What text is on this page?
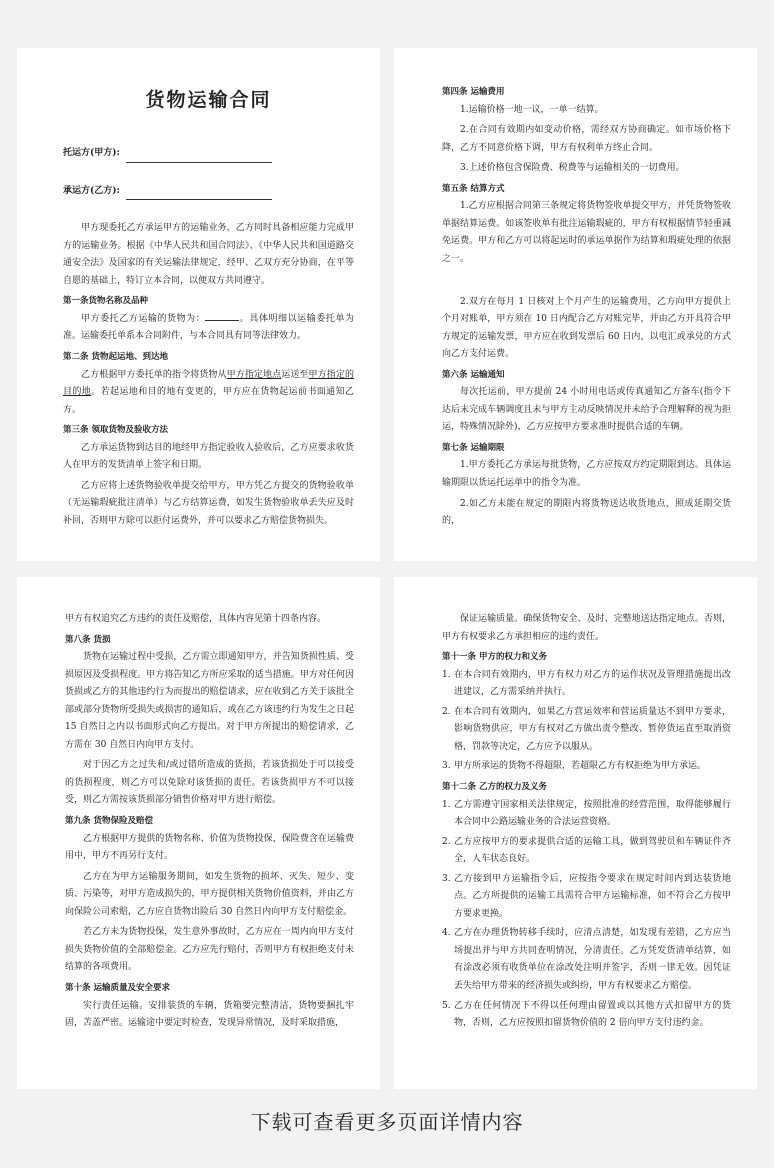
货物运输合同
托运方(甲方):
承运方(乙方):

甲方现委托乙方承运甲方的运输业务，乙方同时具备相应能力完成甲方的运输业务。根据《中华人民共和国合同法》、《中华人民共和国道路交通安全法》及国家的有关运输法律规定，经甲、乙双方充分协商，在平等自愿的基础上，特订立本合同，以便双方共同遵守。

第一条货物名称及品种

甲方委托乙方运输的货物为：	。具体明细以运输委托单为准。运输委托单系本合同附件，与本合同具有同等法律效力。

第二条 货物起运地、到达地

乙方根据甲方委托单的指令将货物从甲方指定地点运送至甲方指定的目的地。若起运地和目的地有变更的，甲方应在货物起运前书面通知乙方。

第三条 领取货物及验收方法

乙方承运货物到达目的地经甲方指定验收人验收后，乙方应要求收货人在甲方的发货清单上签字和日期。

乙方应将上述货物验收单提交给甲方，甲方凭乙方提交的货物验收单（无运输瑕疵批注清单）与乙方结算运费，如发生货物验收单丢失应及时补回，否则甲方除可以拒付运费外，并可以要求乙方赔偿货物损失。

第四条 运输费用

1.运输价格一地一议，一单一结算。

2.在合同有效期内如变动价格，需经双方协商确定。如市场价格下降，乙方不同意价格下调，甲方有权利单方终止合同。

3.上述价格包含保险费、税费等与运输相关的一切费用。

第五条 结算方式

1.乙方应根据合同第三条规定将货物签收单提交甲方，并凭货物签收单据结算运费。如该签收单有批注运输瑕疵的，甲方有权根据情节轻重减免运费。甲方和乙方可以将起运时的承运单据作为结算和瑕疵处理的依据之一。

2.双方在每月 1 日核对上个月产生的运输费用，乙方向甲方提供上个月对账单，甲方须在 10 日内配合乙方对账完毕，并由乙方开具符合甲方规定的运输发票，甲方应在收到发票后 60 日内，以电汇或承兑的方式向乙方支付运费。

第六条 运输通知

每次托运前，甲方提前 24 小时用电话或传真通知乙方备车(指令下达后未完成车辆调度且未与甲方主动反映情况并未给予合理解释的视为拒运，特殊情况除外)，乙方应按甲方要求准时提供合适的车辆。

第七条 运输期限

1.甲方委托乙方承运每批货物，乙方应按双方约定期限到达。具体运输期限以货运托运单中的指令为准。

2.如乙方未能在规定的期限内将货物送达收货地点，照成延期交货的，

甲方有权追究乙方违约的责任及赔偿，具体内容见第十四条内容。

第八条 货损

货物在运输过程中受损，乙方需立即通知甲方，并告知货损性质、受损原因及受损程度。甲方将告知乙方所应采取的适当措施。甲方对任何因货损或乙方的其他违约行为而提出的赔偿请求，应在收到乙方关于该批全部或部分货物所受损失或损害的通知后，或在乙方该违约行为发生之日起 15 自然日之内以书面形式向乙方提出。对于甲方所提出的赔偿请求，乙方需在 30 自然日内向甲方支付。

对于因乙方之过失和/或过错所造成的货损，若该货损处于可以接受的货损程度，则乙方可以免除对该货损的责任。若该货损甲方不可以接受，则乙方需按该货损部分销售价格对甲方进行赔偿。

第九条 货物保险及赔偿

乙方根据甲方提供的货物名称、价值为货物投保，保险费含在运输费用中，甲方不再另行支付。

乙方在为甲方运输服务期间，如发生货物的损坏、灭失、短少、变质、污染等，对甲方造成损失的，甲方提供相关货物价值资料，并由乙方向保险公司索赔，乙方应自货物出险后 30 自然日内向甲方支付赔偿金。

若乙方未为货物投保，发生意外事故时，乙方应在一周内向甲方支付损失货物价值的全部赔偿金。乙方应先行赔付，否则甲方有权拒绝支付未结算的各项费用。

第十条 运输质量及安全要求

实行责任运输。安排装货的车辆，货箱要完整清洁，货物要捆扎牢固，苫盖严密。运输途中要定时检查，发现异常情况，及时采取措施，

保证运输质量。确保货物安全、及时、完整地送达指定地点。否则，甲方有权要求乙方承担相应的违约责任。

第十一条 甲方的权力和义务
1. 在本合同有效期内，甲方有权力对乙方的运作状况及管理措施提出改进建议，乙方需采纳并执行。
2. 在本合同有效期内，如果乙方营运效率和营运质量达不到甲方要求，影响货物供应，甲方有权对乙方做出责令整改、暂停货运直至取消资格，罚款等决定，乙方应予以服从。
3. 甲方所承运的货物不得超限，若超限乙方有权拒绝为甲方承运。
第十二条 乙方的权力及义务
1. 乙方需遵守国家相关法律规定，按照批准的经营范围，取得能够履行本合同中公路运输业务的合法运营资格。
2. 乙方应按甲方的要求提供合适的运输工具，做到驾驶员和车辆证件齐全，人车状态良好。
3. 乙方接到甲方运输指令后，应按指令要求在规定时间内到达装货地点。乙方所提供的运输工具需符合甲方运输标准，如不符合乙方按甲方要求更换。
4. 乙方在办理货物转移手续时，应清点清楚，如发现有差错，乙方应当场提出并与甲方共同查明情况，分清责任。乙方凭发货清单结算，如有涂改必须有收货单位在涂改处注明并签字，否则一律无效。因凭证丢失给甲方带来的经济损失或纠纷，甲方有权要求乙方赔偿。
5. 乙方在任何情况下不得以任何理由留置或以其他方式扣留甲方的货物，否则，乙方应按照扣留货物价值的 2 倍向甲方支付违约金。
下载可查看更多页面详情内容
